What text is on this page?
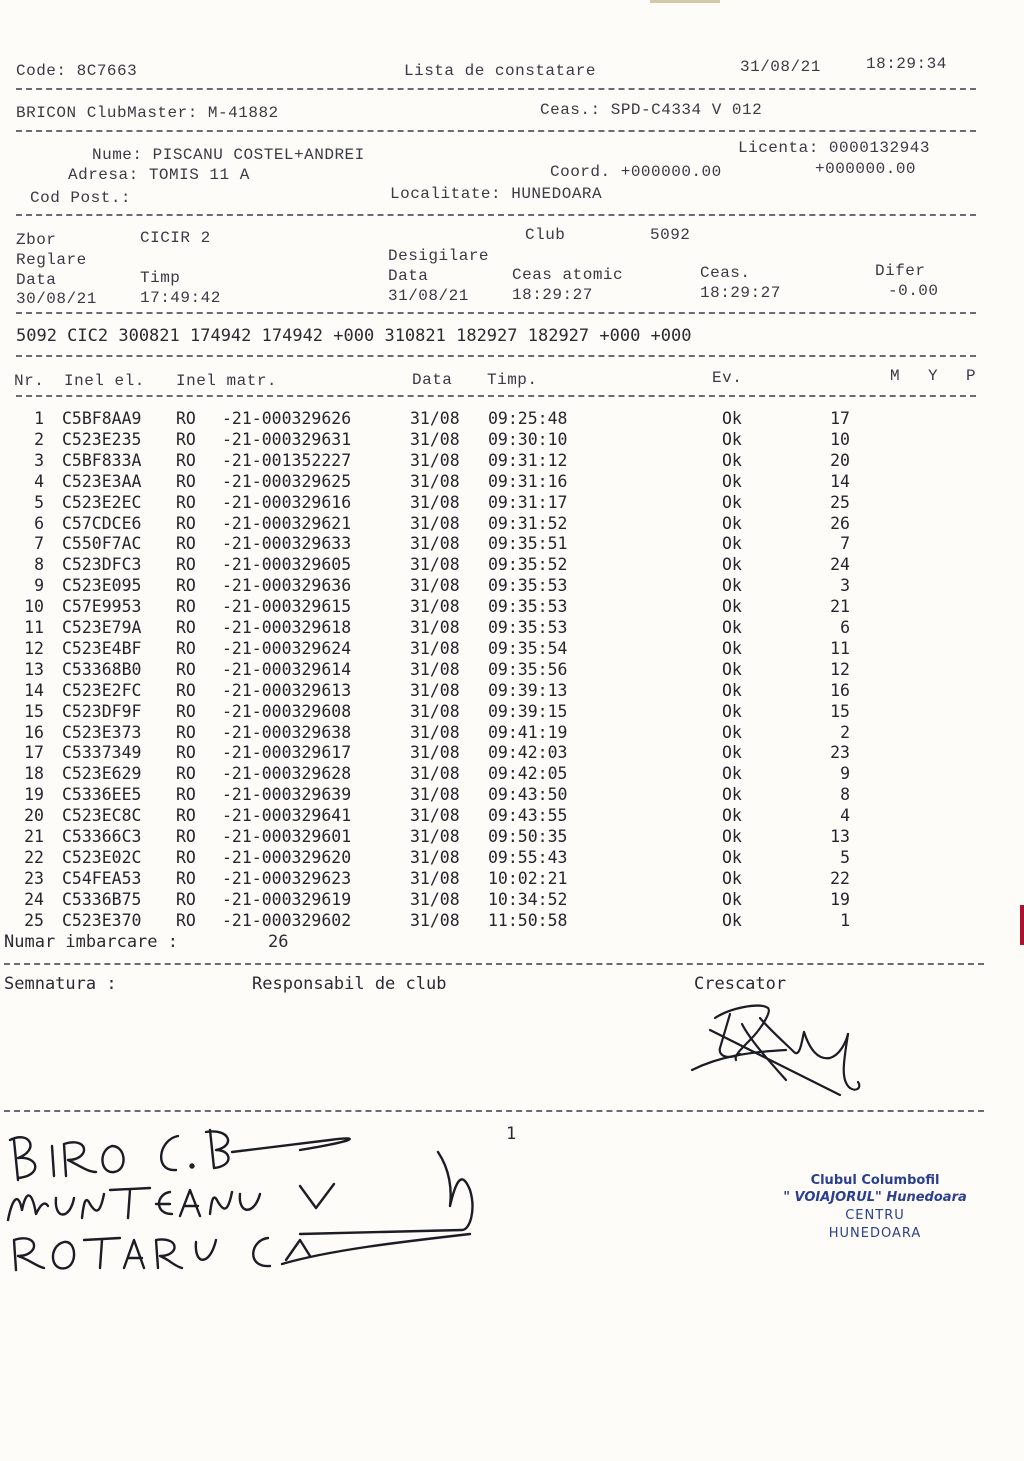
Code: 8C7663	Lista de constatare	31/08/21	18:29:34
BRICON ClubMaster: M-41882	Ceas.: SPD-C4334 V 012
Nume: PISCANU COSTEL+ANDREI	Licenta: 0000132943
Adresa: TOMIS 11 A	Coord. +000000.00	+000000.00
Cod Post.:	Localitate: HUNEDOARA
Zbor	CICIR 2	Club	5092
Reglare	Desigilare
Data	Timp	Data	Ceas atomic	Ceas.	Difer
30/08/21	17:49:42	31/08/21	18:29:27	18:29:27	-0.00
5092 CIC2 300821 174942 174942 +000 310821 182927 182927 +000 +000
Nr. Inel el. Inel matr.	Data Timp.	Ev.	M Y P
1 C5BF8AA9 RO -21-000329626	31/08 09:25:48	Ok	17
2 C523E235 RO -21-000329631	31/08 09:30:10	Ok	10
3 C5BF833A RO -21-001352227	31/08 09:31:12	Ok	20
4 C523E3AA RO -21-000329625	31/08 09:31:16	Ok	14
5 C523E2EC RO -21-000329616	31/08 09:31:17	Ok	25
6 C57CDCE6 RO -21-000329621	31/08 09:31:52	Ok	26
7 C550F7AC RO -21-000329633	31/08 09:35:51	Ok	7
8 C523DFC3 RO -21-000329605	31/08 09:35:52	Ok	24
9 C523E095 RO -21-000329636	31/08 09:35:53	Ok	3
10 C57E9953 RO -21-000329615	31/08 09:35:53	Ok	21
11 C523E79A RO -21-000329618	31/08 09:35:53	Ok	6
12 C523E4BF RO -21-000329624	31/08 09:35:54	Ok	11
13 C53368B0 RO -21-000329614	31/08 09:35:56	Ok	12
14 C523E2FC RO -21-000329613	31/08 09:39:13	Ok	16
15 C523DF9F RO -21-000329608	31/08 09:39:15	Ok	15
16 C523E373 RO -21-000329638	31/08 09:41:19	Ok	2
17 C5337349 RO -21-000329617	31/08 09:42:03	Ok	23
18 C523E629 RO -21-000329628	31/08 09:42:05	Ok	9
19 C5336EE5 RO -21-000329639	31/08 09:43:50	Ok	8
20 C523EC8C RO -21-000329641	31/08 09:43:55	Ok	4
21 C53366C3 RO -21-000329601	31/08 09:50:35	Ok	13
22 C523E02C RO -21-000329620	31/08 09:55:43	Ok	5
23 C54FEA53 RO -21-000329623	31/08 10:02:21	Ok	22
24 C5336B75 RO -21-000329619	31/08 10:34:52	Ok	19
25 C523E370 RO -21-000329602	31/08 11:50:58	Ok	1
Numar imbarcare :	26
Semnatura :	Responsabil de club	Crescator
1
Clubul Columbofil
" VOIAJORUL" Hunedoara
CENTRU
HUNEDOARA
